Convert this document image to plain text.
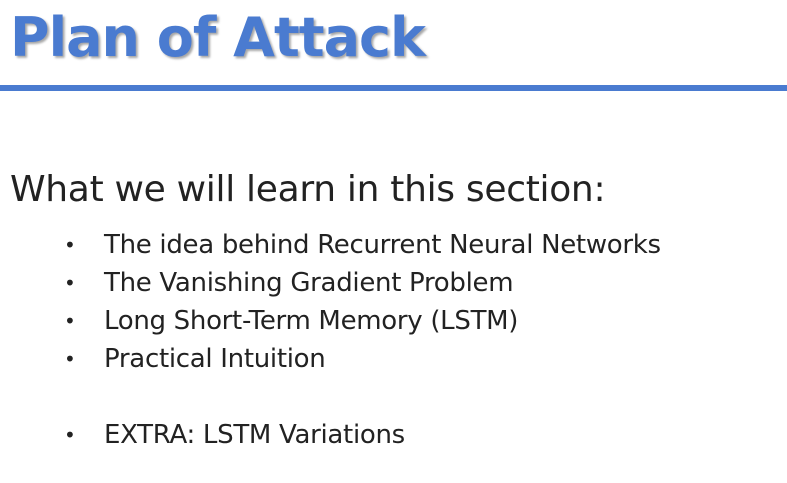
Plan of Attack
What we will learn in this section:
• The idea behind Recurrent Neural Networks
• The Vanishing Gradient Problem
• Long Short-Term Memory (LSTM)
• Practical Intuition
• EXTRA: LSTM Variations
